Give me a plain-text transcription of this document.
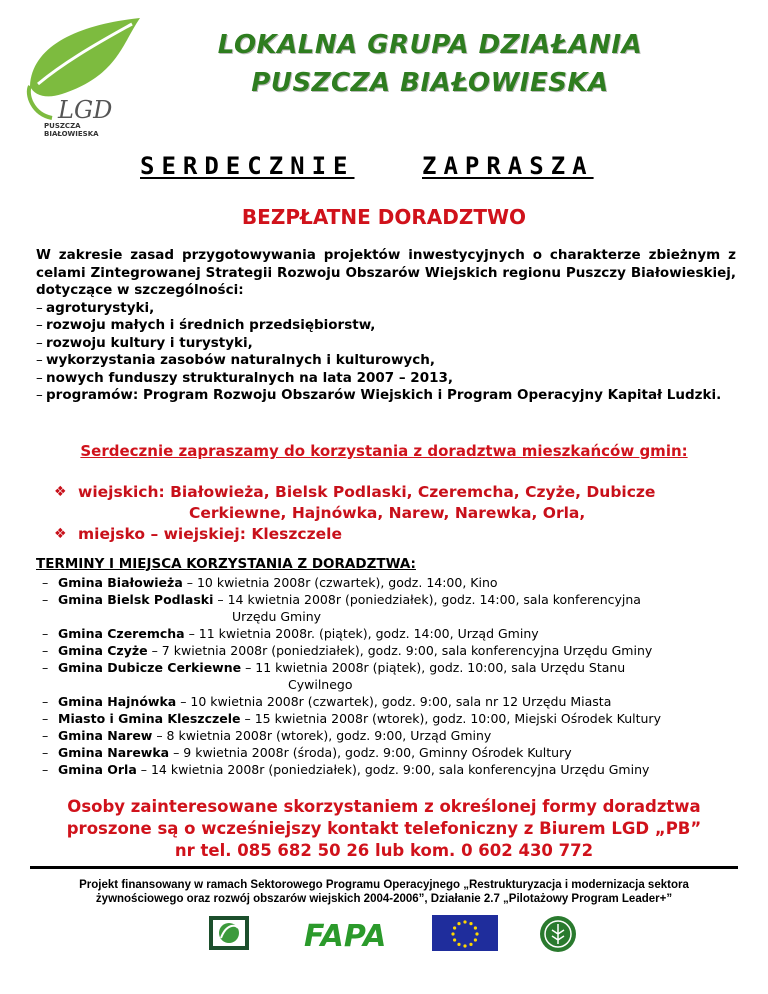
LGD
PUSZCZA
BIAŁOWIESKA
LOKALNA GRUPA DZIAŁANIA
PUSZCZA BIAŁOWIESKA
SERDECZNIE	ZAPRASZA
BEZPŁATNE DORADZTWO
W zakresie zasad przygotowywania projektów inwestycyjnych o charakterze zbieżnym z celami Zintegrowanej Strategii Rozwoju Obszarów Wiejskich regionu Puszczy Białowieskiej, dotyczące w szczególności:
– agroturystyki,
– rozwoju małych i średnich przedsiębiorstw,
– rozwoju kultury i turystyki,
– wykorzystania zasobów naturalnych i kulturowych,
– nowych funduszy strukturalnych na lata 2007 – 2013,
– programów: Program Rozwoju Obszarów Wiejskich i Program Operacyjny Kapitał Ludzki.
Serdecznie zapraszamy do korzystania z doradztwa mieszkańców gmin:
❖ wiejskich: Białowieża, Bielsk Podlaski, Czeremcha, Czyże, Dubicze
Cerkiewne, Hajnówka, Narew, Narewka, Orla,
❖ miejsko – wiejskiej: Kleszczele
TERMINY I MIEJSCA KORZYSTANIA Z DORADZTWA:
– Gmina Białowieża – 10 kwietnia 2008r (czwartek), godz. 14:00, Kino
– Gmina Bielsk Podlaski – 14 kwietnia 2008r (poniedziałek), godz. 14:00, sala konferencyjna
Urzędu Gminy
– Gmina Czeremcha – 11 kwietnia 2008r. (piątek), godz. 14:00, Urząd Gminy
– Gmina Czyże – 7 kwietnia 2008r (poniedziałek), godz. 9:00, sala konferencyjna Urzędu Gminy
– Gmina Dubicze Cerkiewne – 11 kwietnia 2008r (piątek), godz. 10:00, sala Urzędu Stanu
Cywilnego
– Gmina Hajnówka – 10 kwietnia 2008r (czwartek), godz. 9:00, sala nr 12 Urzędu Miasta
– Miasto i Gmina Kleszczele – 15 kwietnia 2008r (wtorek), godz. 10:00, Miejski Ośrodek Kultury
– Gmina Narew – 8 kwietnia 2008r (wtorek), godz. 9:00, Urząd Gminy
– Gmina Narewka – 9 kwietnia 2008r (środa), godz. 9:00, Gminny Ośrodek Kultury
– Gmina Orla – 14 kwietnia 2008r (poniedziałek), godz. 9:00, sala konferencyjna Urzędu Gminy
Osoby zainteresowane skorzystaniem z określonej formy doradztwa
proszone są o wcześniejszy kontakt telefoniczny z Biurem LGD „PB”
nr tel. 085 682 50 26 lub kom. 0 602 430 772
Projekt finansowany w ramach Sektorowego Programu Operacyjnego „Restrukturyzacja i modernizacja sektora
żywnościowego oraz rozwój obszarów wiejskich 2004-2006”, Działanie 2.7 „Pilotażowy Program Leader+”
FAPA
